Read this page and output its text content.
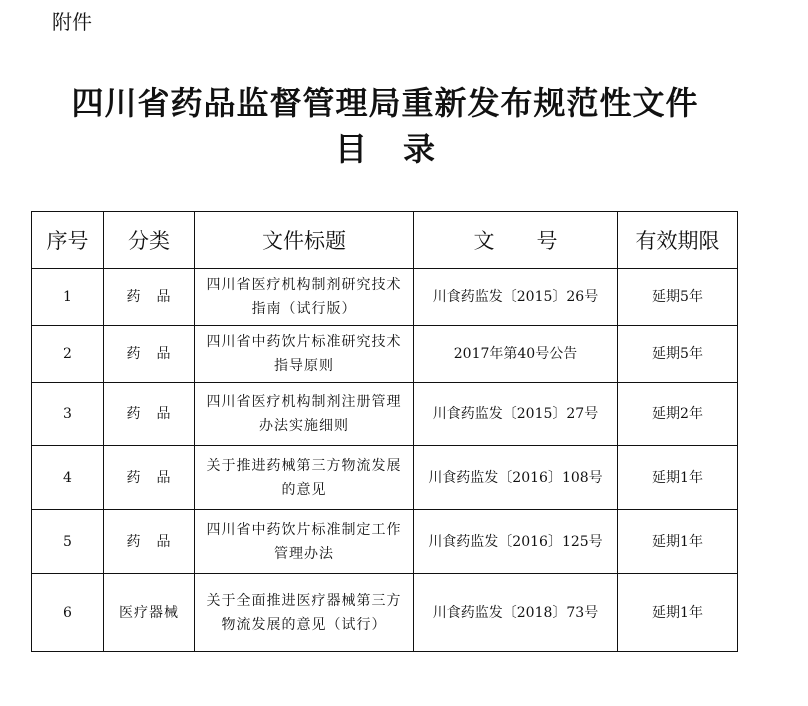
附件
四川省药品监督管理局重新发布规范性文件
目 录
序号	分类	文件标题	文　　号	有效期限
1	药　品	四川省医疗机构制剂研究技术指南（试行版）	川食药监发〔2015〕26号	延期5年
2	药　品	四川省中药饮片标准研究技术指导原则	2017年第40号公告	延期5年
3	药　品	四川省医疗机构制剂注册管理办法实施细则	川食药监发〔2015〕27号	延期2年
4	药　品	关于推进药械第三方物流发展的意见	川食药监发〔2016〕108号	延期1年
5	药　品	四川省中药饮片标准制定工作管理办法	川食药监发〔2016〕125号	延期1年
6	医疗器械	关于全面推进医疗器械第三方物流发展的意见（试行）	川食药监发〔2018〕73号	延期1年
